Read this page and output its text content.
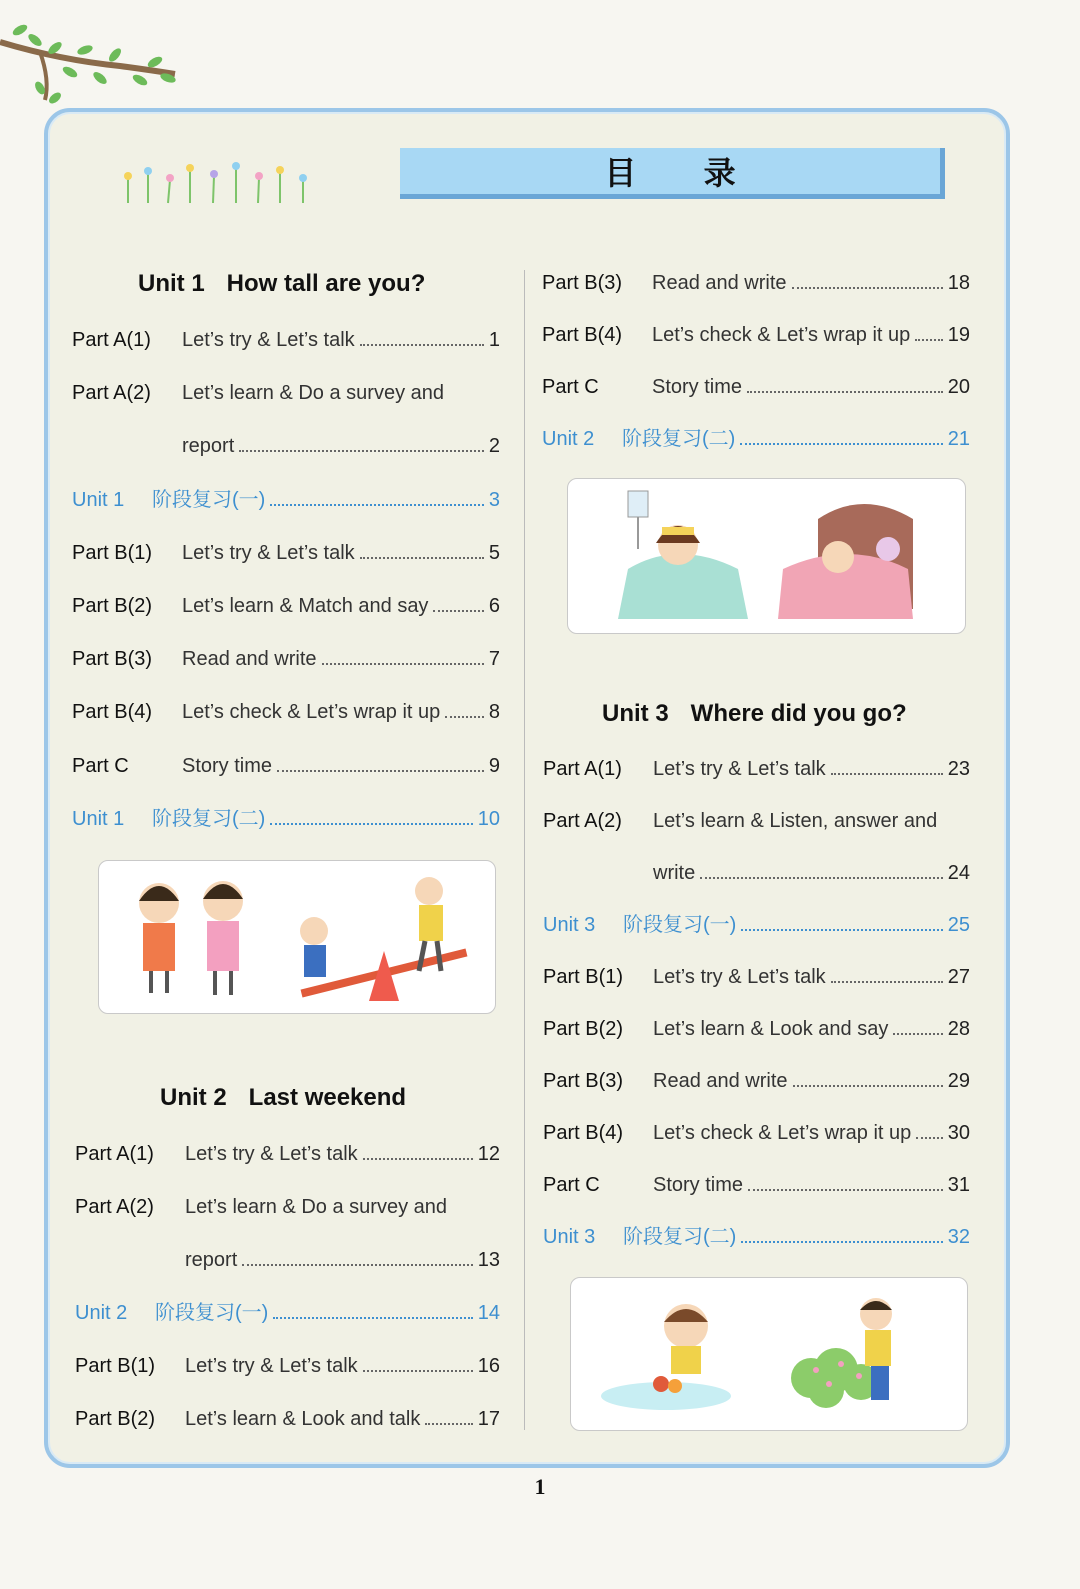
目 录
Unit 1 How tall are you?
Part A(1)	Let’s try & Let’s talk	1
Part A(2)	Let’s learn & Do a survey and
report	2
Unit 1	阶段复习(一)	3
Part B(1)	Let’s try & Let’s talk	5
Part B(2)	Let’s learn & Match and say	6
Part B(3)	Read and write	7
Part B(4)	Let’s check & Let’s wrap it up 8
Part C	Story time	9
Unit 1	阶段复习(二)	10
Unit 2 Last weekend
Part A(1)	Let’s try & Let’s talk	12
Part A(2)	Let’s learn & Do a survey and
report	13
Unit 2	阶段复习(一)	14
Part B(1)	Let’s try & Let’s talk	16
Part B(2)	Let’s learn & Look and talk	17
Part B(3)	Read and write	18
Part B(4)	Let’s check & Let’s wrap it up 19
Part C	Story time	20
Unit 2	阶段复习(二)	21
Unit 3 Where did you go?
Part A(1)	Let’s try & Let’s talk	23
Part A(2)	Let’s learn & Listen, answer and
write	24
Unit 3	阶段复习(一)	25
Part B(1)	Let’s try & Let’s talk	27
Part B(2)	Let’s learn & Look and say	28
Part B(3)	Read and write	29
Part B(4)	Let’s check & Let’s wrap it up 30
Part C	Story time	31
Unit 3	阶段复习(二)	32
1
